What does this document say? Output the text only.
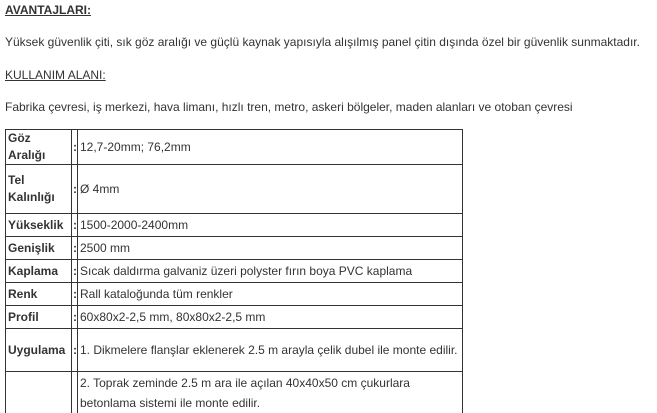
AVANTAJLARI:
Yüksek güvenlik çiti, sık göz aralığı ve güçlü kaynak yapısıyla alışılmış panel çitin dışında özel bir güvenlik sunmaktadır.
KULLANIM ALANI:
Fabrika çevresi, iş merkezi, hava limanı, hızlı tren, metro, askeri bölgeler, maden alanları ve otoban çevresi
Göz Aralığı	:	12,7-20mm; 76,2mm
Tel Kalınlığı	:	Ø 4mm
Yükseklik	:	1500-2000-2400mm
Genişlik	:	2500 mm
Kaplama	:	Sıcak daldırma galvaniz üzeri polyster fırın boya PVC kaplama
Renk	:	Rall kataloğunda tüm renkler
Profil	:	60x80x2-2,5 mm, 80x80x2-2,5 mm
Uygulama	:	1. Dikmelere flanşlar eklenerek 2.5 m arayla çelik dubel ile monte edilir.
		2. Toprak zeminde 2.5 m ara ile açılan 40x40x50 cm çukurlara betonlama sistemi ile monte edilir.
